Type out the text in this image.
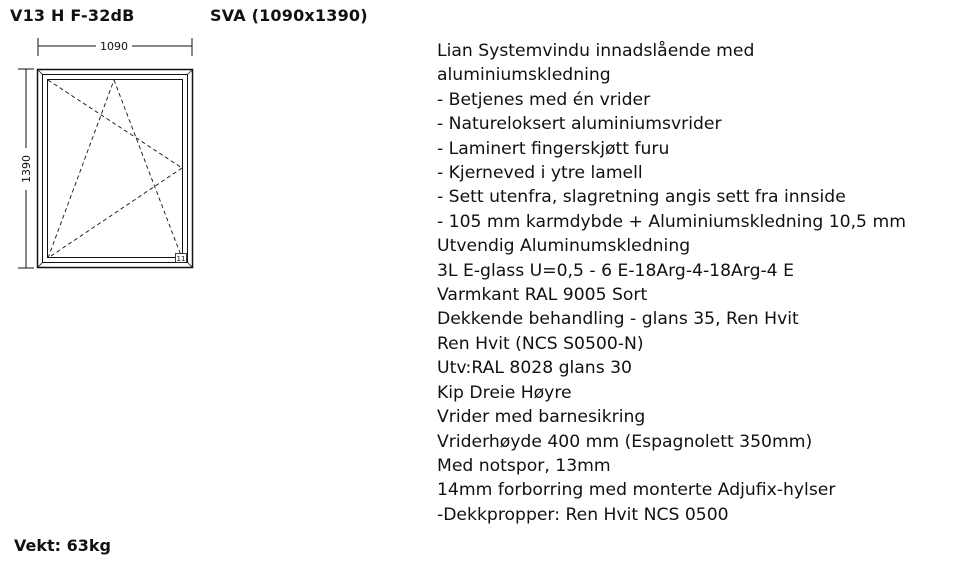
V13 H F-32dB	SVA (1090x1390)
1090
1390
11
Lian Systemvindu innadslående med
aluminiumskledning
- Betjenes med én vrider
- Natureloksert aluminiumsvrider
- Laminert fingerskjøtt furu
- Kjerneved i ytre lamell
- Sett utenfra, slagretning angis sett fra innside
- 105 mm karmdybde + Aluminiumskledning 10,5 mm
Utvendig Aluminumskledning
3L E-glass U=0,5 - 6 E-18Arg-4-18Arg-4 E
Varmkant RAL 9005 Sort
Dekkende behandling - glans 35, Ren Hvit
Ren Hvit (NCS S0500-N)
Utv:RAL 8028 glans 30
Kip Dreie Høyre
Vrider med barnesikring
Vriderhøyde 400 mm (Espagnolett 350mm)
Med notspor, 13mm
14mm forborring med monterte Adjufix-hylser
-Dekkpropper: Ren Hvit NCS 0500
Vekt: 63kg
